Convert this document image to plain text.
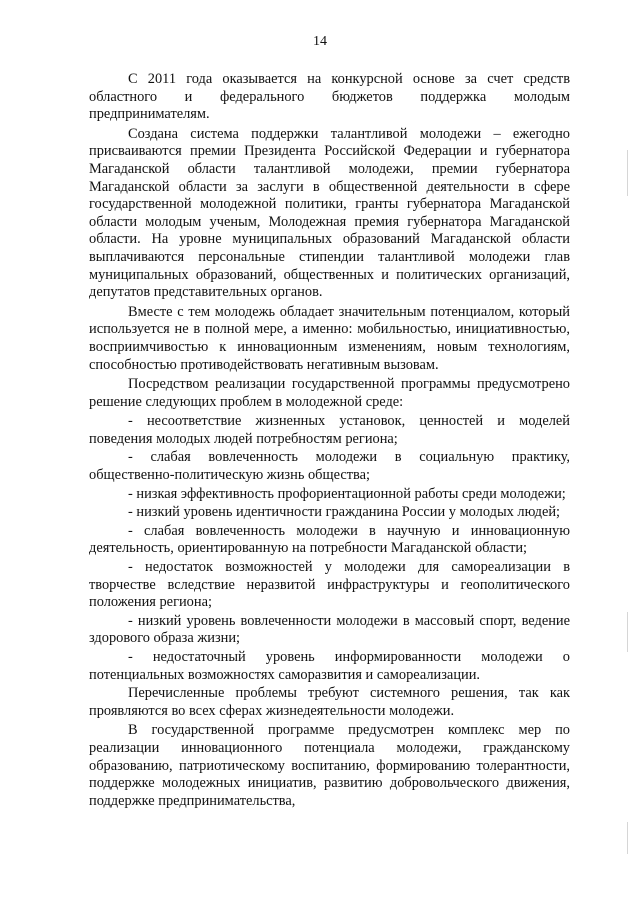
14

С 2011 года оказывается на конкурсной основе за счет средств областного и федерального бюджетов поддержка молодым предпринимателям.

Создана система поддержки талантливой молодежи – ежегодно присваиваются премии Президента Российской Федерации и губернатора Магаданской области талантливой молодежи, премии губернатора Магаданской области за заслуги в общественной деятельности в сфере государственной молодежной политики, гранты губернатора Магаданской области молодым ученым, Молодежная премия губернатора Магаданской области. На уровне муниципальных образований Магаданской области выплачиваются персональные стипендии талантливой молодежи глав муниципальных образований, общественных и политических организаций, депутатов представительных органов.

Вместе с тем молодежь обладает значительным потенциалом, который используется не в полной мере, а именно: мобильностью, инициативностью, восприимчивостью к инновационным изменениям, новым технологиям, способностью противодействовать негативным вызовам.

Посредством реализации государственной программы предусмотрено решение следующих проблем в молодежной среде:

- несоответствие жизненных установок, ценностей и моделей поведения молодых людей потребностям региона;

- слабая вовлеченность молодежи в социальную практику, общественно-политическую жизнь общества;

- низкая эффективность профориентационной работы среди молодежи;

- низкий уровень идентичности гражданина России у молодых людей;

- слабая вовлеченность молодежи в научную и инновационную деятельность, ориентированную на потребности Магаданской области;

- недостаток возможностей у молодежи для самореализации в творчестве вследствие неразвитой инфраструктуры и геополитического положения региона;

- низкий уровень вовлеченности молодежи в массовый спорт, ведение здорового образа жизни;

- недостаточный уровень информированности молодежи о потенциальных возможностях саморазвития и самореализации.

Перечисленные проблемы требуют системного решения, так как проявляются во всех сферах жизнедеятельности молодежи.

В государственной программе предусмотрен комплекс мер по реализации инновационного потенциала молодежи, гражданскому образованию, патриотическому воспитанию, формированию толерантности, поддержке молодежных инициатив, развитию добровольческого движения, поддержке предпринимательства,
